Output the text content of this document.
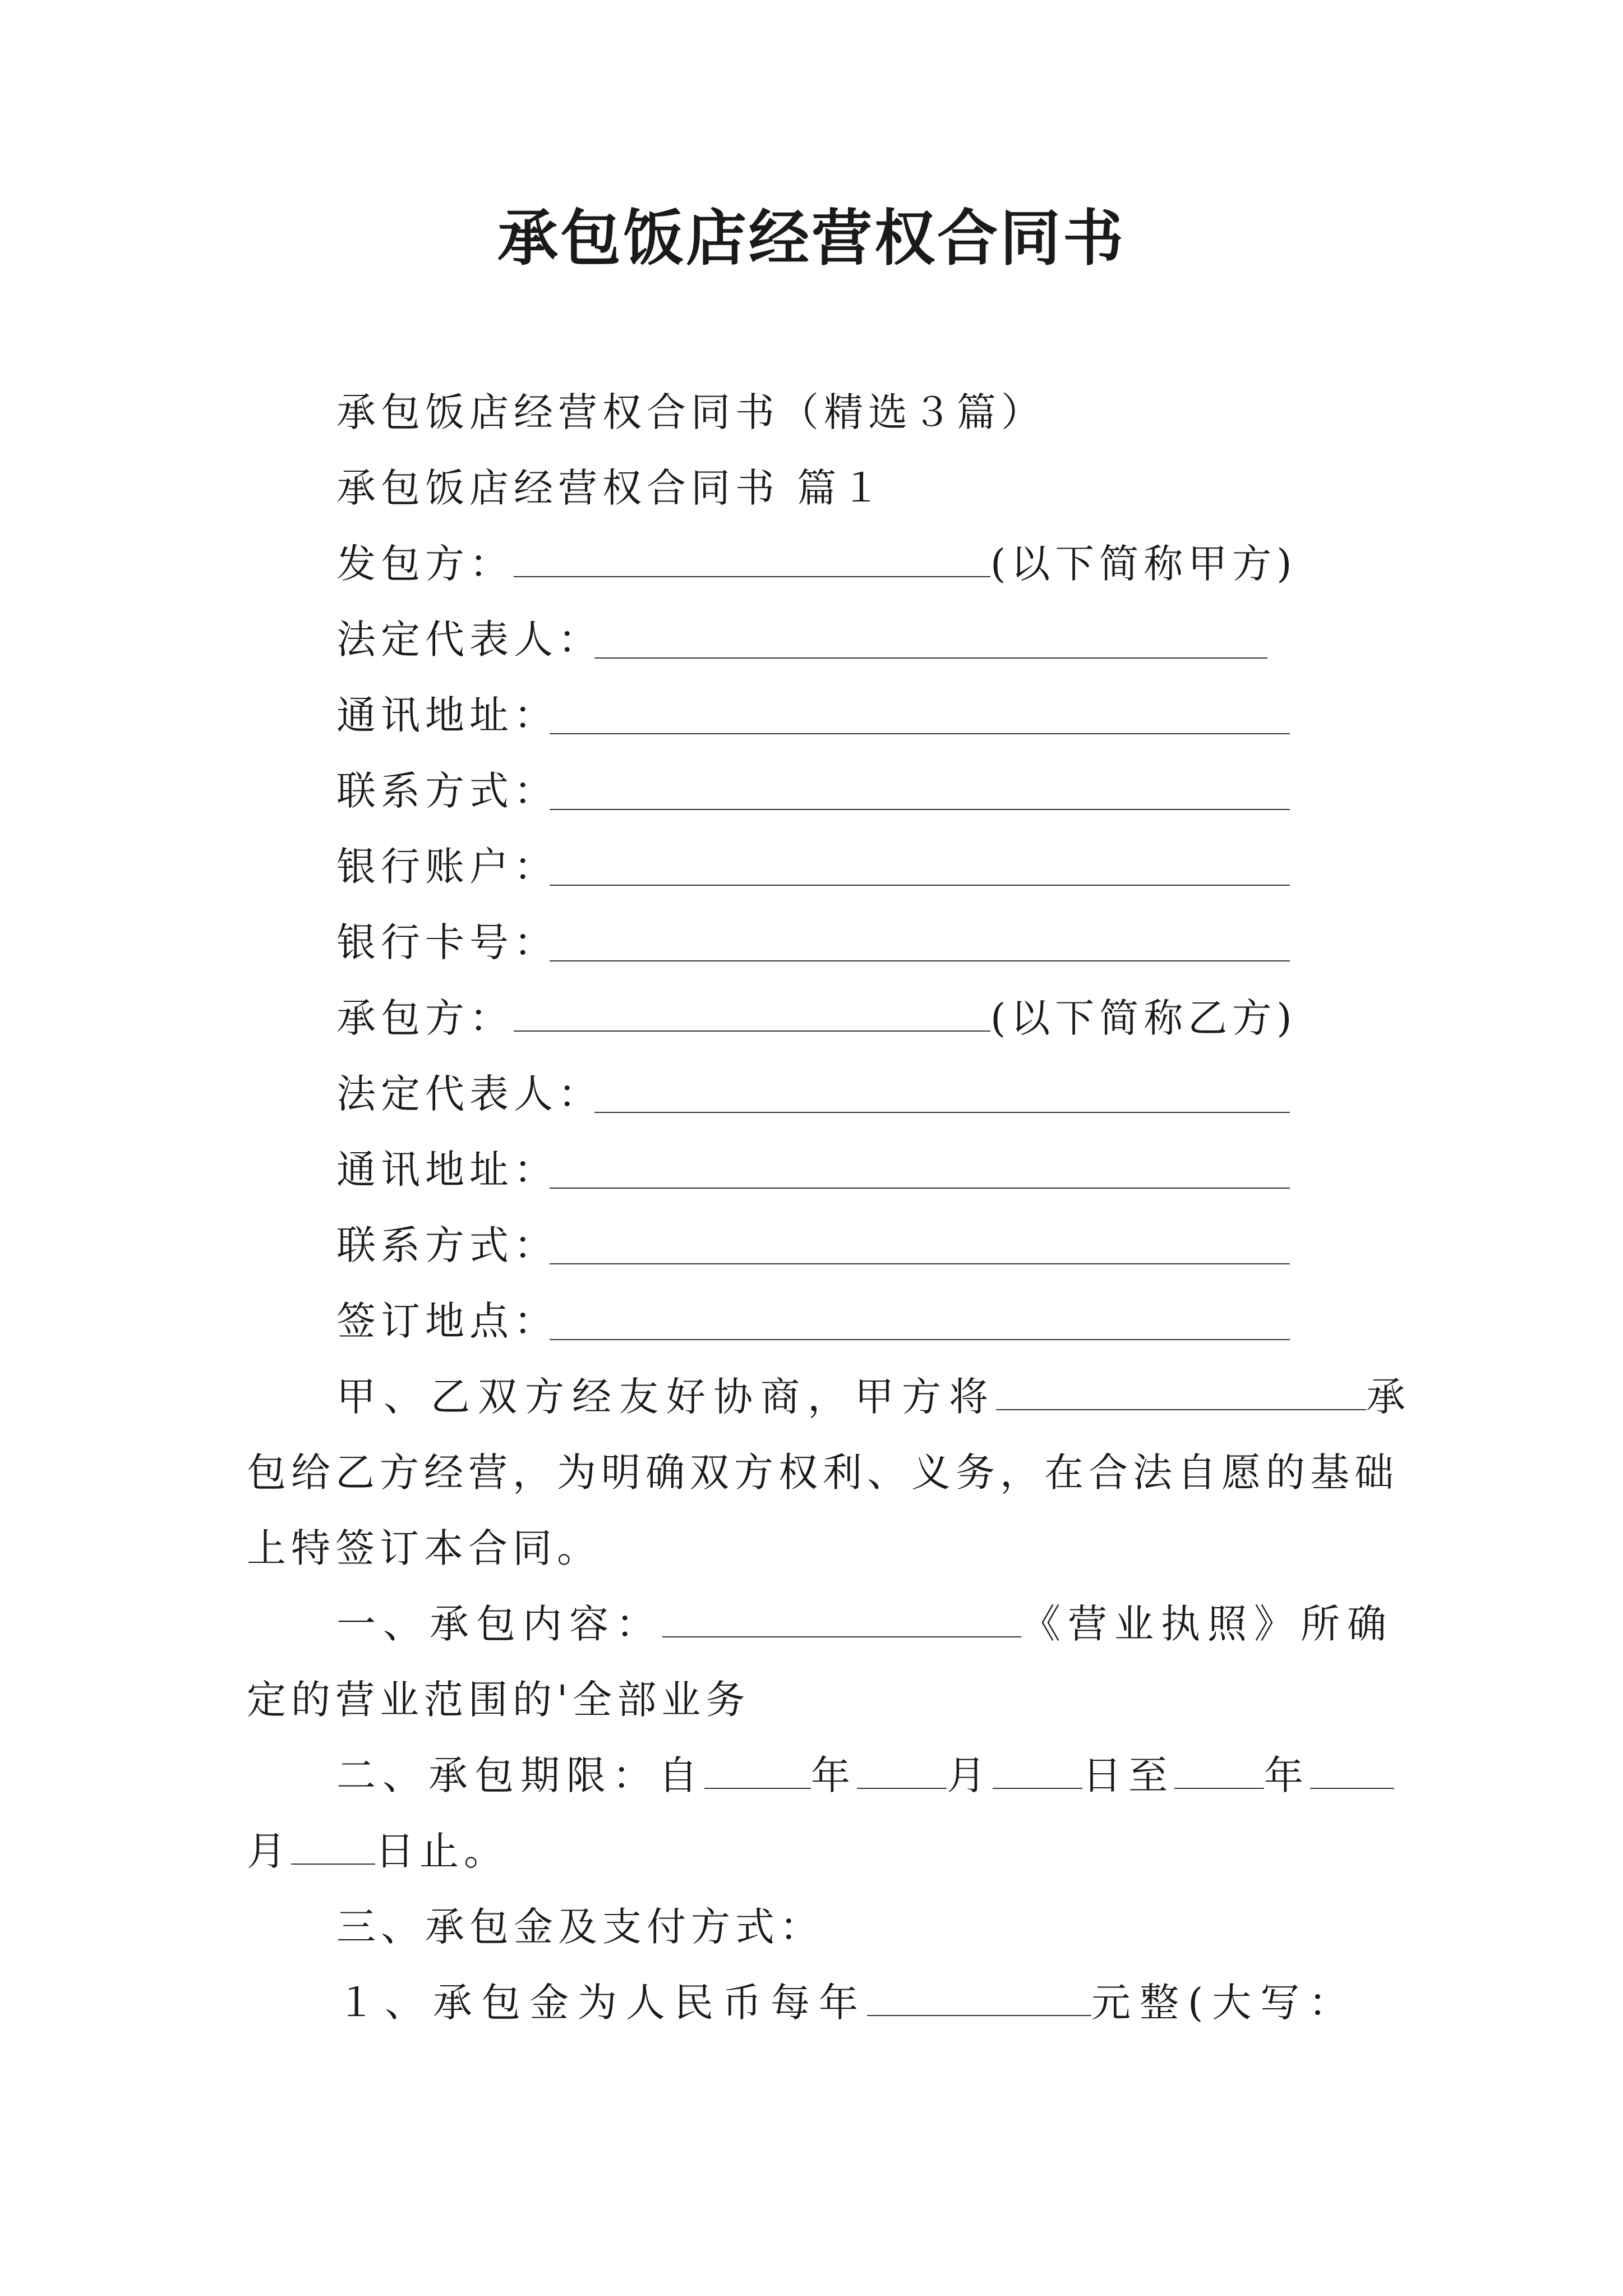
承包饭店经营权合同书
承包饭店经营权合同书（精选３篇）
承包饭店经营权合同书 篇１
发包方：	(以下简称甲方)
法定代表人：
通讯地址：
联系方式：
银行账户：
银行卡号：
承包方：	(以下简称乙方)
法定代表人：
通讯地址：
联系方式：
签订地点：
甲、乙双方经友好协商，甲方将	承
包给乙方经营，为明确双方权利、义务，在合法自愿的基础
上特签订本合同。
一、承包内容：	《营业执照》所确
定的营业范围的'全部业务
二、承包期限：自	年 月 日至 年
月 日止。
三、承包金及支付方式：
１、承包金为人民币每年	元整(大写：
